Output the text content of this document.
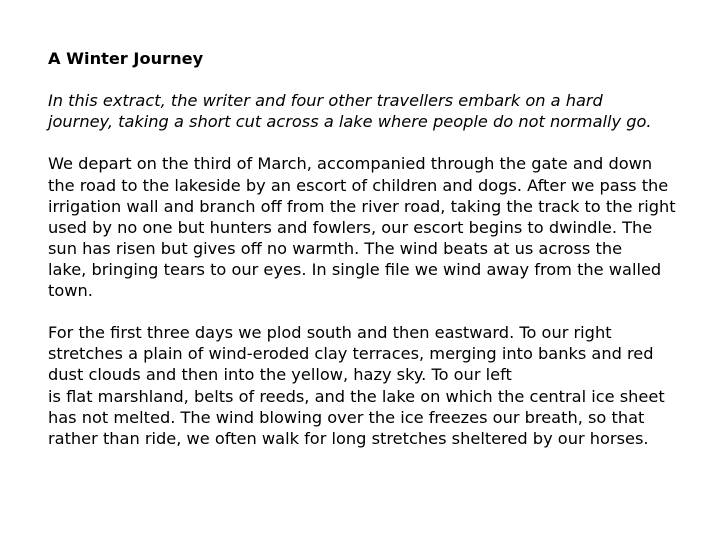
A Winter Journey
In this extract, the writer and four other travellers embark on a hard
journey, taking a short cut across a lake where people do not normally go.
We depart on the third of March, accompanied through the gate and down
the road to the lakeside by an escort of children and dogs. After we pass the
irrigation wall and branch off from the river road, taking the track to the right
used by no one but hunters and fowlers, our escort begins to dwindle. The
sun has risen but gives off no warmth. The wind beats at us across the
lake, bringing tears to our eyes. In single file we wind away from the walled
town.
For the first three days we plod south and then eastward. To our right
stretches a plain of wind-eroded clay terraces, merging into banks and red
dust clouds and then into the yellow, hazy sky. To our left
is flat marshland, belts of reeds, and the lake on which the central ice sheet
has not melted. The wind blowing over the ice freezes our breath, so that
rather than ride, we often walk for long stretches sheltered by our horses.
